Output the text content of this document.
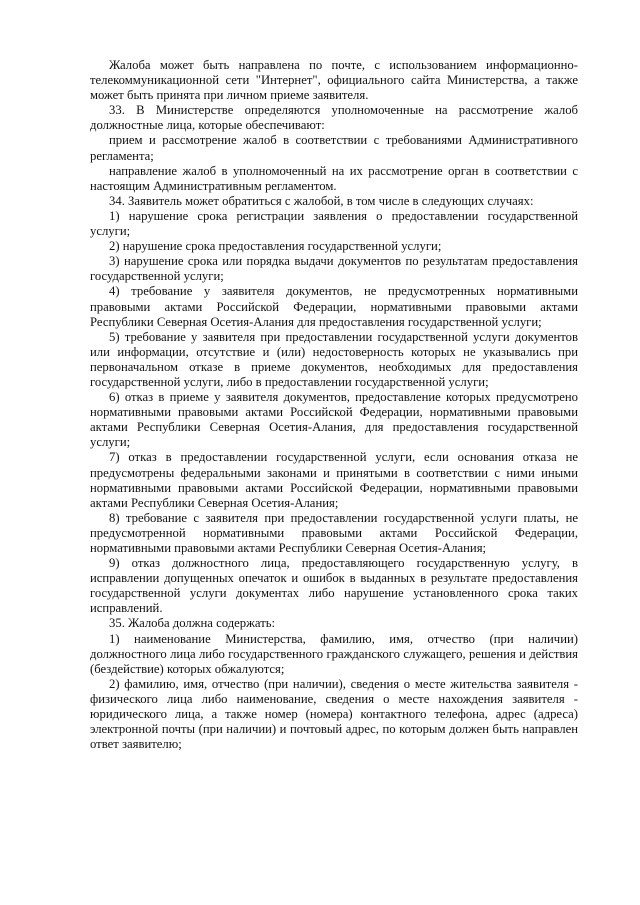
Жалоба может быть направлена по почте, с использованием информационно-телекоммуникационной сети "Интернет", официального сайта Министерства, а также может быть принята при личном приеме заявителя.

33. В Министерстве определяются уполномоченные на рассмотрение жалоб должностные лица, которые обеспечивают:

прием и рассмотрение жалоб в соответствии с требованиями Административного регламента;

направление жалоб в уполномоченный на их рассмотрение орган в соответствии с настоящим Административным регламентом.

34. Заявитель может обратиться с жалобой, в том числе в следующих случаях:

1) нарушение срока регистрации заявления о предоставлении государственной услуги;

2) нарушение срока предоставления государственной услуги;

3) нарушение срока или порядка выдачи документов по результатам предоставления государственной услуги;

4) требование у заявителя документов, не предусмотренных нормативными правовыми актами Российской Федерации, нормативными правовыми актами Республики Северная Осетия-Алания для предоставления государственной услуги;

5) требование у заявителя при предоставлении государственной услуги документов или информации, отсутствие и (или) недостоверность которых не указывались при первоначальном отказе в приеме документов, необходимых для предоставления государственной услуги, либо в предоставлении государственной услуги;

6) отказ в приеме у заявителя документов, предоставление которых предусмотрено нормативными правовыми актами Российской Федерации, нормативными правовыми актами Республики Северная Осетия-Алания, для предоставления государственной услуги;

7) отказ в предоставлении государственной услуги, если основания отказа не предусмотрены федеральными законами и принятыми в соответствии с ними иными нормативными правовыми актами Российской Федерации, нормативными правовыми актами Республики Северная Осетия-Алания;

8) требование с заявителя при предоставлении государственной услуги платы, не предусмотренной нормативными правовыми актами Российской Федерации, нормативными правовыми актами Республики Северная Осетия-Алания;

9) отказ должностного лица, предоставляющего государственную услугу, в исправлении допущенных опечаток и ошибок в выданных в результате предоставления государственной услуги документах либо нарушение установленного срока таких исправлений.

35. Жалоба должна содержать:

1) наименование Министерства, фамилию, имя, отчество (при наличии) должностного лица либо государственного гражданского служащего, решения и действия (бездействие) которых обжалуются;

2) фамилию, имя, отчество (при наличии), сведения о месте жительства заявителя - физического лица либо наименование, сведения о месте нахождения заявителя - юридического лица, а также номер (номера) контактного телефона, адрес (адреса) электронной почты (при наличии) и почтовый адрес, по которым должен быть направлен ответ заявителю;
